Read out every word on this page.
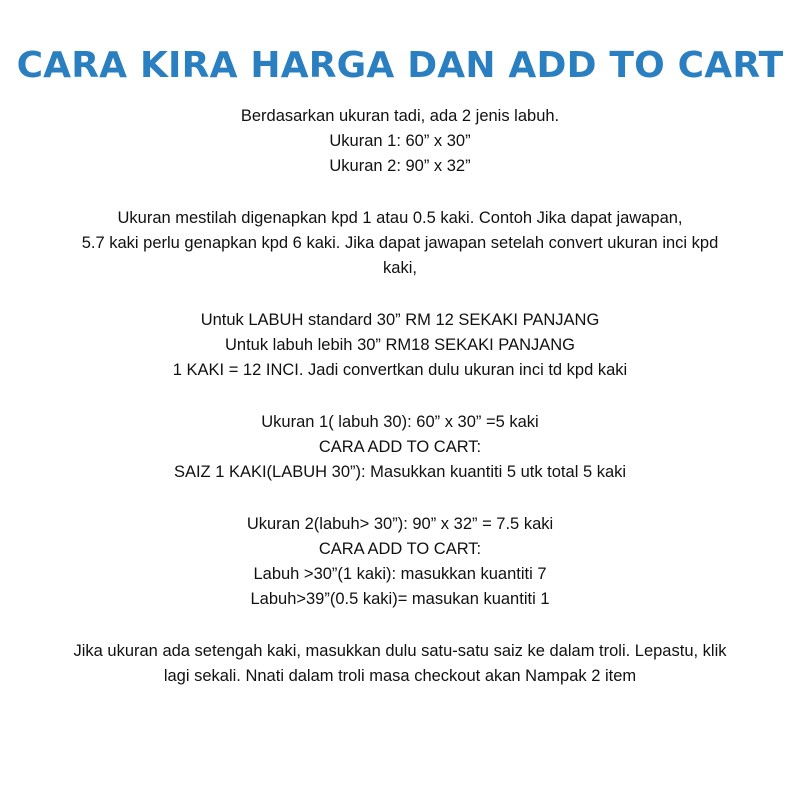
CARA KIRA HARGA DAN ADD TO CART
Berdasarkan ukuran tadi, ada 2 jenis labuh.
Ukuran 1: 60” x 30”
Ukuran 2: 90” x 32”
Ukuran mestilah digenapkan kpd 1 atau 0.5 kaki. Contoh Jika dapat jawapan,
5.7 kaki perlu genapkan kpd 6 kaki. Jika dapat jawapan setelah convert ukuran inci kpd
kaki,
Untuk LABUH standard 30” RM 12 SEKAKI PANJANG
Untuk labuh lebih 30” RM18 SEKAKI PANJANG
1 KAKI = 12 INCI. Jadi convertkan dulu ukuran inci td kpd kaki
Ukuran 1( labuh 30): 60” x 30” =5 kaki
CARA ADD TO CART:
SAIZ 1 KAKI(LABUH 30”): Masukkan kuantiti 5 utk total 5 kaki
Ukuran 2(labuh> 30”): 90” x 32” = 7.5 kaki
CARA ADD TO CART:
Labuh >30”(1 kaki): masukkan kuantiti 7
Labuh>39”(0.5 kaki)= masukan kuantiti 1
Jika ukuran ada setengah kaki, masukkan dulu satu-satu saiz ke dalam troli. Lepastu, klik
lagi sekali. Nnati dalam troli masa checkout akan Nampak 2 item
